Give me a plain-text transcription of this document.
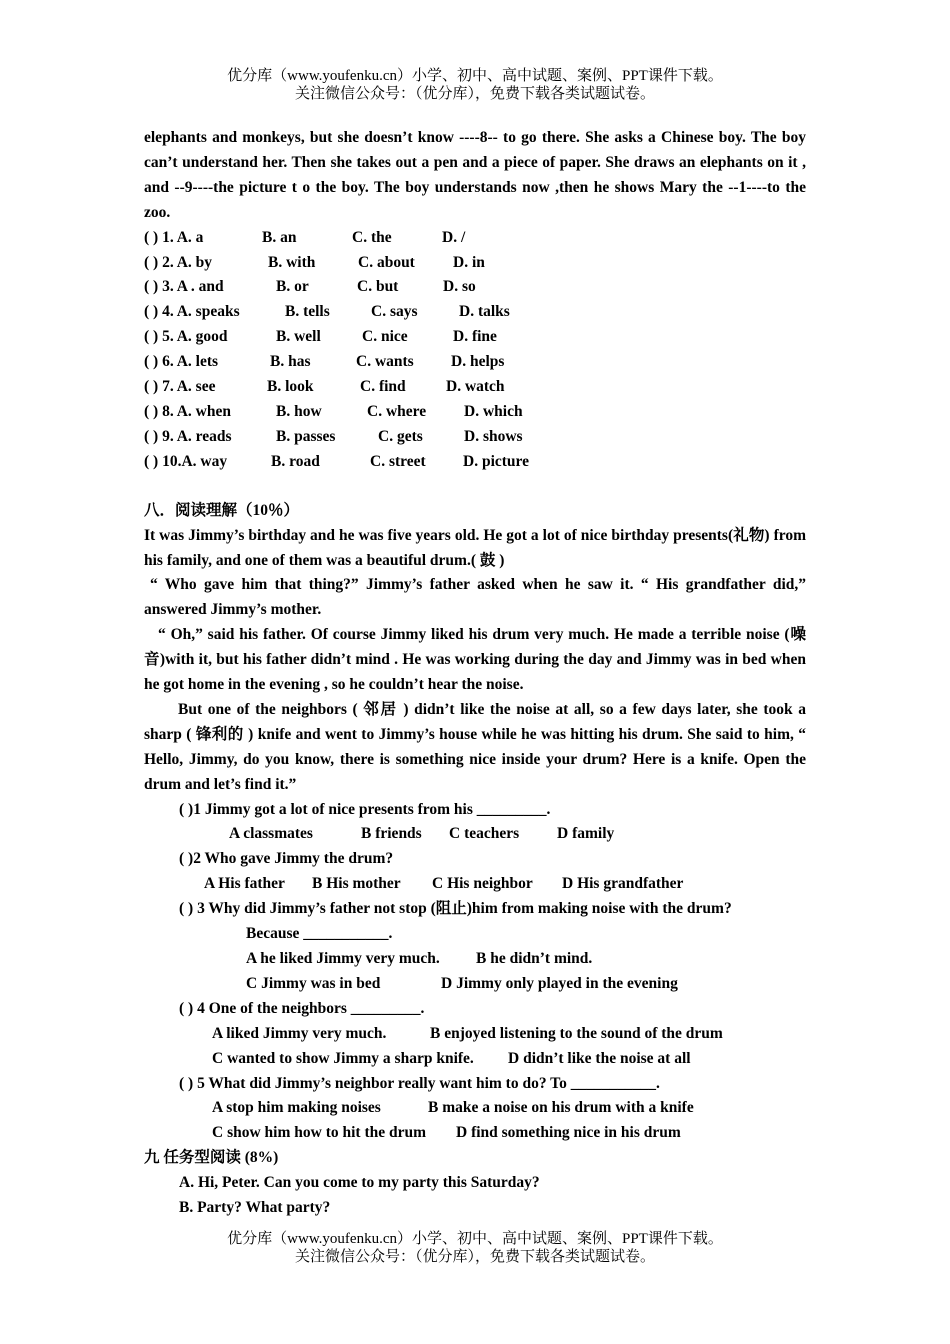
优分库（www.youfenku.cn）小学、初中、高中试题、案例、PPT课件下载。
关注微信公众号：（优分库），免费下载各类试题试卷。
elephants and monkeys, but she doesn’t know ----8-- to go there. She asks a Chinese boy. The boy can’t understand her. Then she takes out a pen and a piece of paper. She draws an elephants on it , and --9----the picture t o the boy. The boy understands now ,then he shows Mary the --1----to the zoo.
( ) 1. A. a	B. an	C. the	D. /
( ) 2. A. by	B. with	C. about	D. in
( ) 3. A . and	B. or	C. but	D. so
( ) 4. A. speaks	B. tells	C. says	D. talks
( ) 5. A. good	B. well	C. nice	D. fine
( ) 6. A. lets	B. has	C. wants	D. helps
( ) 7. A. see	B. look	C. find	D. watch
( ) 8. A. when	B. how	C. where	D. which
( ) 9. A. reads	B. passes	C. gets	D. shows
( ) 10.A. way	B. road	C. street	D. picture
八．阅读理解（10％）
It was Jimmy’s birthday and he was five years old. He got a lot of nice birthday presents(礼物) from his family, and one of them was a beautiful drum.( 鼓 )
“ Who gave him that thing?” Jimmy’s father asked when he saw it. “ His grandfather did,” answered Jimmy’s mother.
“ Oh,” said his father. Of course Jimmy liked his drum very much. He made a terrible noise (噪音)with it, but his father didn’t mind . He was working during the day and Jimmy was in bed when he got home in the evening , so he couldn’t hear the noise.
But one of the neighbors ( 邻居 ) didn’t like the noise at all, so a few days later, she took a sharp ( 锋利的 ) knife and went to Jimmy’s house while he was hitting his drum. She said to him, “ Hello, Jimmy, do you know, there is something nice inside your drum? Here is a knife. Open the drum and let’s find it.”
( )1 Jimmy got a lot of nice presents from his _________.
A classmates	B friends	C teachers	D family
( )2 Who gave Jimmy the drum?
A His father	B His mother	C His neighbor	D His grandfather
( ) 3 Why did Jimmy’s father not stop (阻止)him from making noise with the drum?
Because ___________.
A he liked Jimmy very much.	B he didn’t mind.
C Jimmy was in bed	D Jimmy only played in the evening
( ) 4 One of the neighbors _________.
A liked Jimmy very much.	B enjoyed listening to the sound of the drum
C wanted to show Jimmy a sharp knife.	D didn’t like the noise at all
( ) 5 What did Jimmy’s neighbor really want him to do? To ___________.
A stop him making noises	B make a noise on his drum with a knife
C show him how to hit the drum	D find something nice in his drum
九 任务型阅读 (8%)
A. Hi, Peter. Can you come to my party this Saturday?
B. Party? What party?
优分库（www.youfenku.cn）小学、初中、高中试题、案例、PPT课件下载。
关注微信公众号：（优分库），免费下载各类试题试卷。
